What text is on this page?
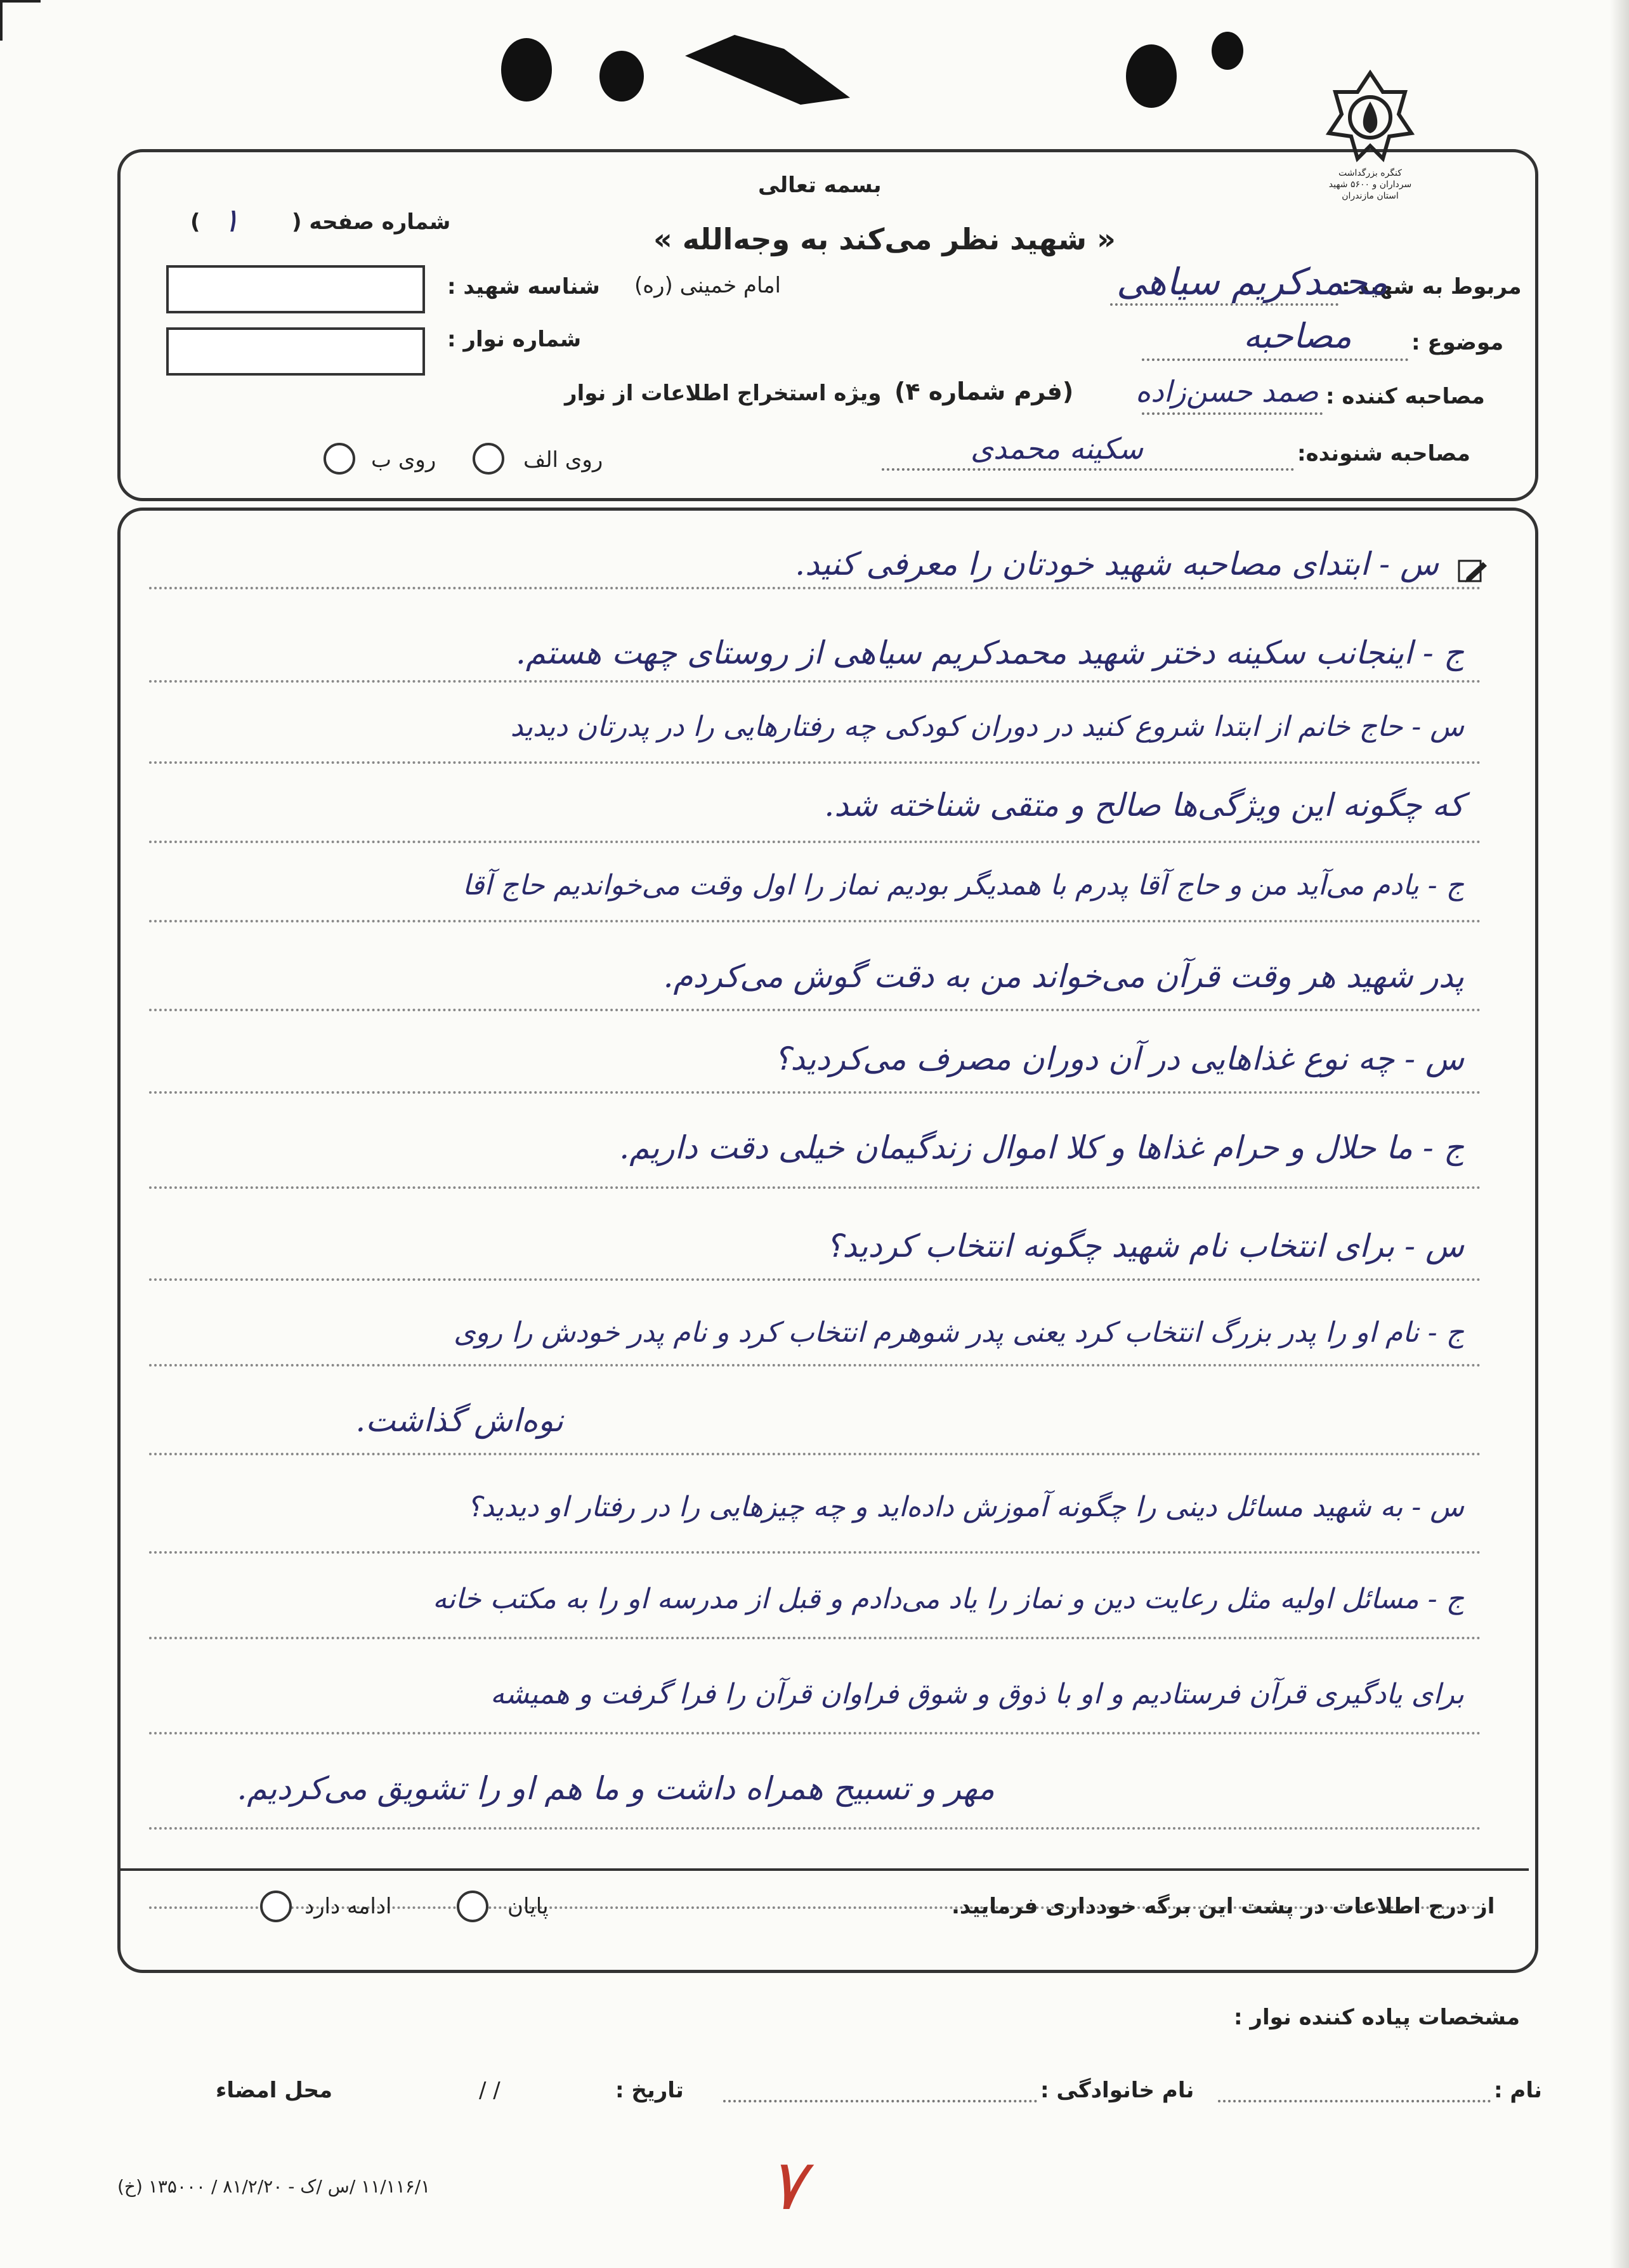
کنگره بزرگداشت سرداران و ۵۶۰۰ شهید استان مازندران
بسمه تعالی
« شهید نظر می‌کند به وجه‌الله »
امام خمینی (ره)
شماره صفحه (
۱
)
شناسه شهید :
شماره نوار :
(فرم شماره ۴)
ویژه استخراج اطلاعات از نوار
روی الف
روی ب
مربوط به شهید :
محمدکریم سیاهی
موضوع :
مصاحبه
مصاحبه کننده :
صمد حسن‌زاده
مصاحبه شنونده:
سکینه محمدی
س - ابتدای مصاحبه شهید خودتان را معرفی کنید.
ج - اینجانب سکینه دختر شهید محمدکریم سیاهی از روستای چهت هستم.
س - حاج خانم از ابتدا شروع کنید در دوران کودکی چه رفتارهایی را در پدرتان دیدید
که چگونه این ویژگی‌ها صالح و متقی شناخته شد.
ج - یادم می‌آید من و حاج آقا پدرم با همدیگر بودیم نماز را اول وقت می‌خواندیم حاج آقا
پدر شهید هر وقت قرآن می‌خواند من به دقت گوش می‌کردم.
س - چه نوع غذاهایی در آن دوران مصرف می‌کردید؟
ج - ما حلال و حرام غذاها و کلا اموال زندگیمان خیلی دقت داریم.
س - برای انتخاب نام شهید چگونه انتخاب کردید؟
ج - نام او را پدر بزرگ انتخاب کرد یعنی پدر شوهرم انتخاب کرد و نام پدر خودش را روی
نوه‌اش گذاشت.
س - به شهید مسائل دینی را چگونه آموزش داده‌اید و چه چیزهایی را در رفتار او دیدید؟
ج - مسائل اولیه مثل رعایت دین و نماز را یاد می‌دادم و قبل از مدرسه او را به مکتب خانه
برای یادگیری قرآن فرستادیم و او با ذوق و شوق فراوان قرآن را فرا گرفت و همیشه
مهر و تسبیح همراه داشت و ما هم او را تشویق می‌کردیم.
از درج اطلاعات در پشت این برگه خودداری فرمایید.
پایان
ادامه دارد
مشخصات پیاده کننده نوار :
نام :
نام خانوادگی :
تاریخ :
/ /
محل امضاء
۷
۱۱/۱۱۶/۱ /س /ک - ۸۱/۲/۲۰ / ۱۳۵۰۰۰ (خ)
